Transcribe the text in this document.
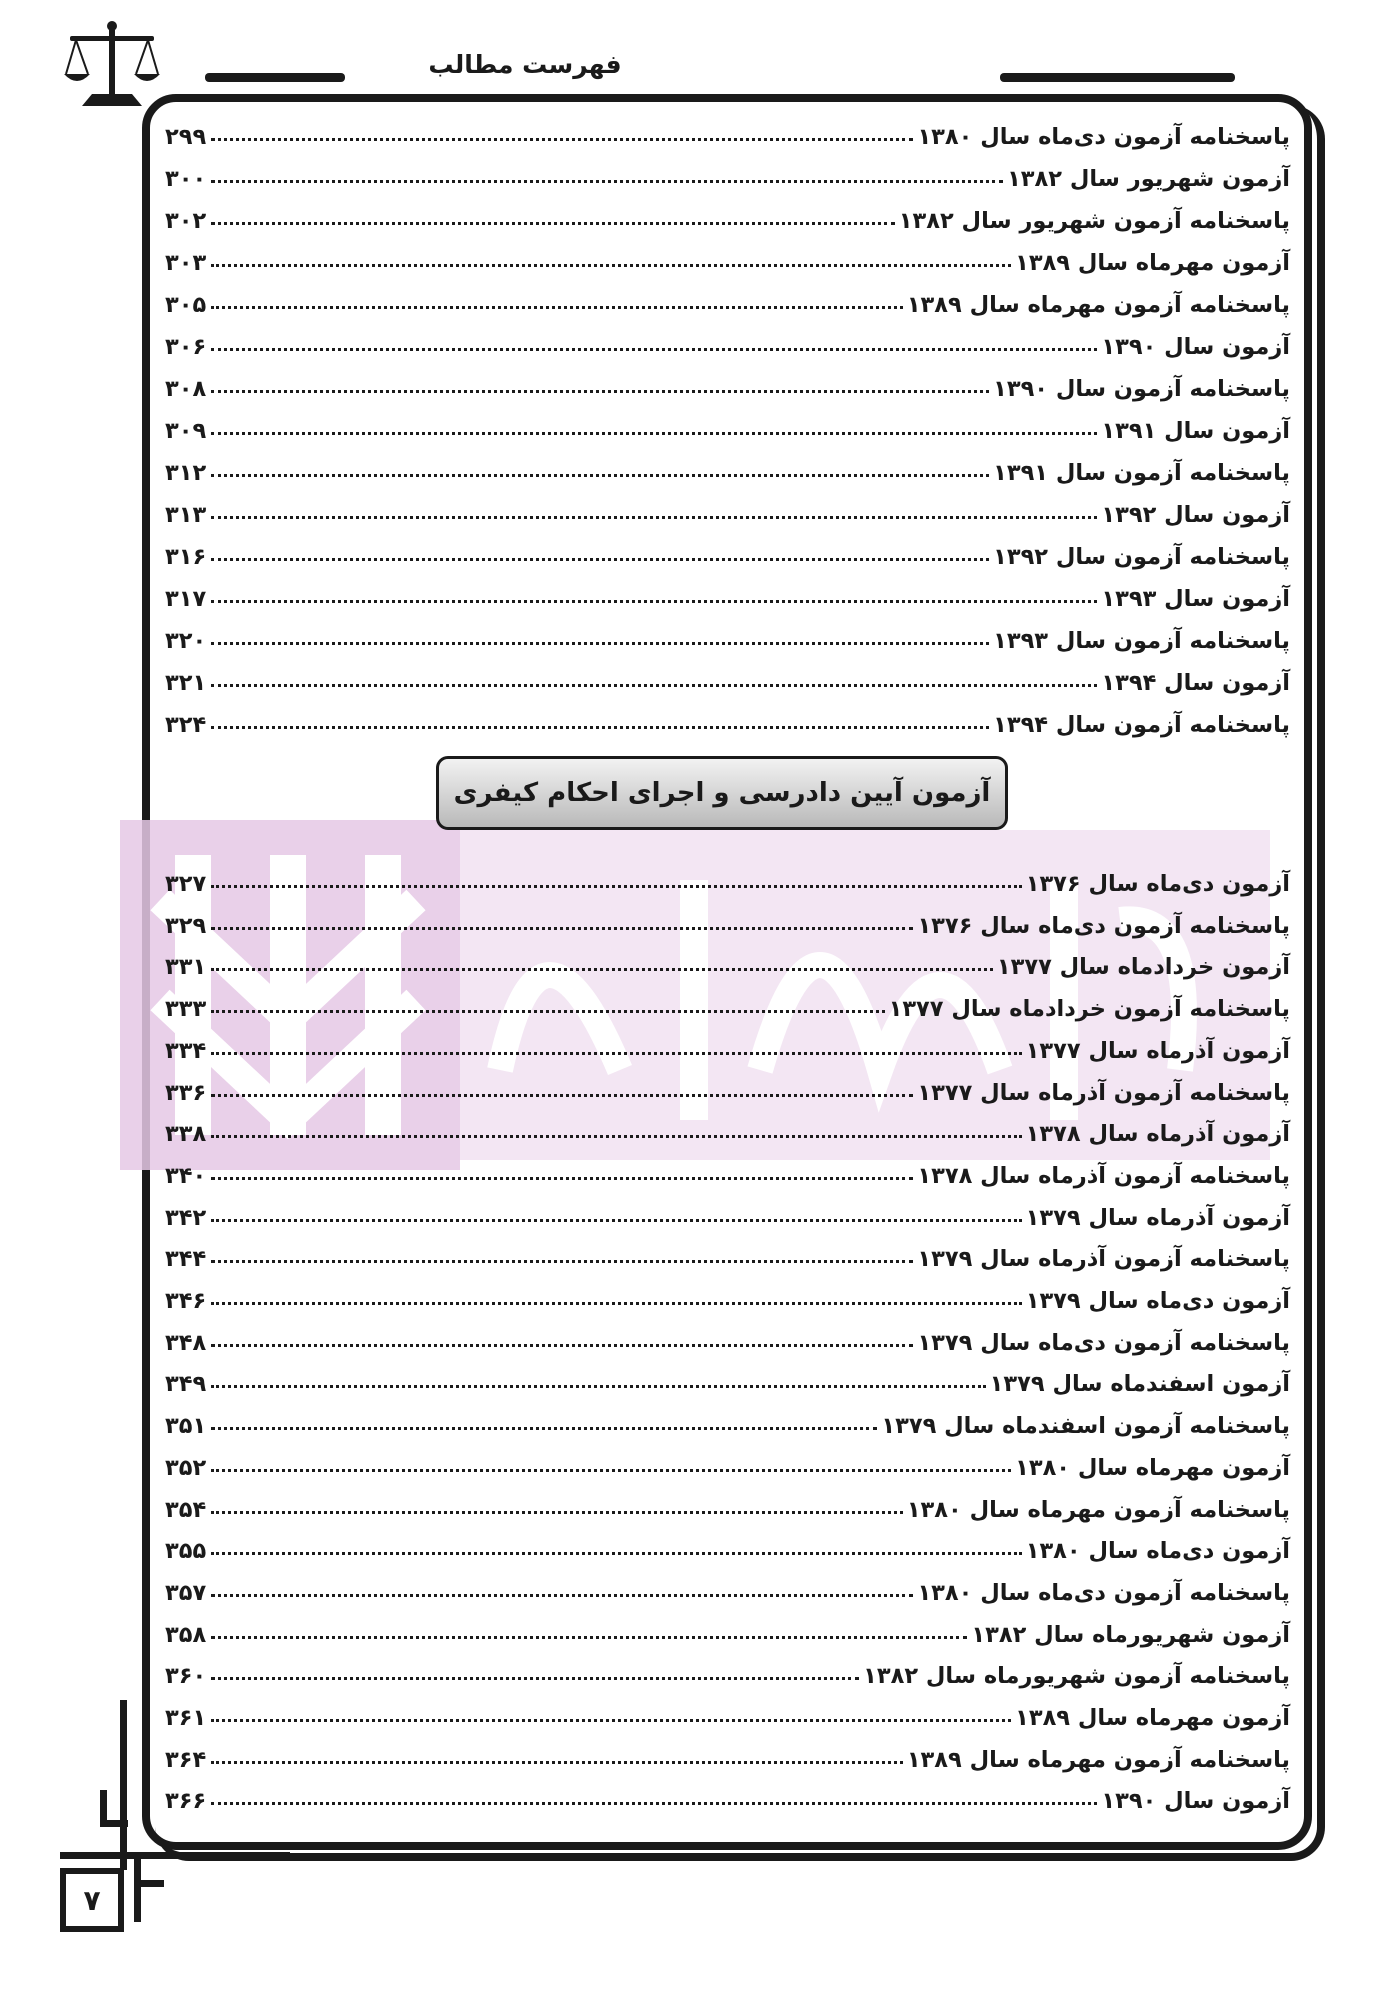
فهرست مطالب
پاسخنامه آزمون دی‌ماه سال ۱۳۸۰
۲۹۹
آزمون شهریور سال ۱۳۸۲
۳۰۰
پاسخنامه آزمون شهریور سال ۱۳۸۲
۳۰۲
آزمون مهرماه سال ۱۳۸۹
۳۰۳
پاسخنامه آزمون مهرماه سال ۱۳۸۹
۳۰۵
آزمون سال ۱۳۹۰
۳۰۶
پاسخنامه آزمون سال ۱۳۹۰
۳۰۸
آزمون سال ۱۳۹۱
۳۰۹
پاسخنامه آزمون سال ۱۳۹۱
۳۱۲
آزمون سال ۱۳۹۲
۳۱۳
پاسخنامه آزمون سال ۱۳۹۲
۳۱۶
آزمون سال ۱۳۹۳
۳۱۷
پاسخنامه آزمون سال ۱۳۹۳
۳۲۰
آزمون سال ۱۳۹۴
۳۲۱
پاسخنامه آزمون سال ۱۳۹۴
۳۲۴
آزمون آیین دادرسی و اجرای احکام کیفری
آزمون دی‌ماه سال ۱۳۷۶
۳۲۷
پاسخنامه آزمون دی‌ماه سال ۱۳۷۶
۳۲۹
آزمون خردادماه سال ۱۳۷۷
۳۳۱
پاسخنامه آزمون خردادماه سال ۱۳۷۷
۳۳۳
آزمون آذرماه سال ۱۳۷۷
۳۳۴
پاسخنامه آزمون آذرماه سال ۱۳۷۷
۳۳۶
آزمون آذرماه سال ۱۳۷۸
۳۳۸
پاسخنامه آزمون آذرماه سال ۱۳۷۸
۳۴۰
آزمون آذرماه سال ۱۳۷۹
۳۴۲
پاسخنامه آزمون آذرماه سال ۱۳۷۹
۳۴۴
آزمون دی‌ماه سال ۱۳۷۹
۳۴۶
پاسخنامه آزمون دی‌ماه سال ۱۳۷۹
۳۴۸
آزمون اسفندماه سال ۱۳۷۹
۳۴۹
پاسخنامه آزمون اسفندماه سال ۱۳۷۹
۳۵۱
آزمون مهرماه سال ۱۳۸۰
۳۵۲
پاسخنامه آزمون مهرماه سال ۱۳۸۰
۳۵۴
آزمون دی‌ماه سال ۱۳۸۰
۳۵۵
پاسخنامه آزمون دی‌ماه سال ۱۳۸۰
۳۵۷
آزمون شهریورماه سال ۱۳۸۲
۳۵۸
پاسخنامه آزمون شهریورماه سال ۱۳۸۲
۳۶۰
آزمون مهرماه سال ۱۳۸۹
۳۶۱
پاسخنامه آزمون مهرماه سال ۱۳۸۹
۳۶۴
آزمون سال ۱۳۹۰
۳۶۶
۷
